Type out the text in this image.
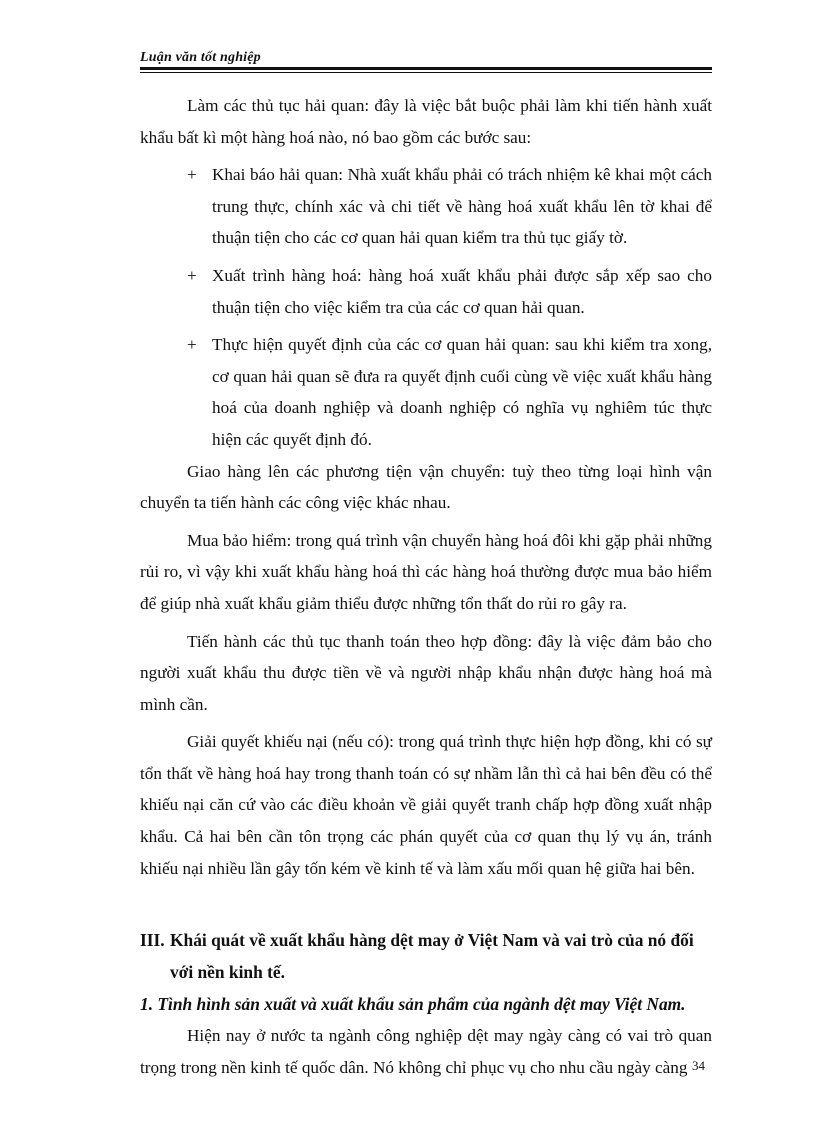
Luận văn tốt nghiệp

Làm các thủ tục hải quan: đây là việc bắt buộc phải làm khi tiến hành xuất khẩu bất kì một hàng hoá nào, nó bao gồm các bước sau:

+ Khai báo hải quan: Nhà xuất khẩu phải có trách nhiệm kê khai một cách trung thực, chính xác và chi tiết về hàng hoá xuất khẩu lên tờ khai để thuận tiện cho các cơ quan hải quan kiểm tra thủ tục giấy tờ.
+ Xuất trình hàng hoá: hàng hoá xuất khẩu phải được sắp xếp sao cho thuận tiện cho việc kiểm tra của các cơ quan hải quan.
+ Thực hiện quyết định của các cơ quan hải quan: sau khi kiểm tra xong, cơ quan hải quan sẽ đưa ra quyết định cuối cùng về việc xuất khẩu hàng hoá của doanh nghiệp và doanh nghiệp có nghĩa vụ nghiêm túc thực hiện các quyết định đó.

Giao hàng lên các phương tiện vận chuyển: tuỳ theo từng loại hình vận chuyển ta tiến hành các công việc khác nhau.

Mua bảo hiểm: trong quá trình vận chuyển hàng hoá đôi khi gặp phải những rủi ro, vì vậy khi xuất khẩu hàng hoá thì các hàng hoá thường được mua bảo hiểm để giúp nhà xuất khẩu giảm thiểu được những tổn thất do rủi ro gây ra.

Tiến hành các thủ tục thanh toán theo hợp đồng: đây là việc đảm bảo cho người xuất khẩu thu được tiền về và người nhập khẩu nhận được hàng hoá mà mình cần.

Giải quyết khiếu nại (nếu có): trong quá trình thực hiện hợp đồng, khi có sự tổn thất về hàng hoá hay trong thanh toán có sự nhầm lẫn thì cả hai bên đều có thể khiếu nại căn cứ vào các điều khoản về giải quyết tranh chấp hợp đồng xuất nhập khẩu. Cả hai bên cần tôn trọng các phán quyết của cơ quan thụ lý vụ án, tránh khiếu nại nhiều lần gây tốn kém về kinh tế và làm xấu mối quan hệ giữa hai bên.

III. Khái quát về xuất khẩu hàng dệt may ở Việt Nam và vai trò của nó đối
với nền kinh tế.
1. Tình hình sản xuất và xuất khẩu sản phẩm của ngành dệt may Việt Nam.

Hiện nay ở nước ta ngành công nghiệp dệt may ngày càng có vai trò quan trọng trong nền kinh tế quốc dân. Nó không chỉ phục vụ cho nhu cầu ngày càng 34
